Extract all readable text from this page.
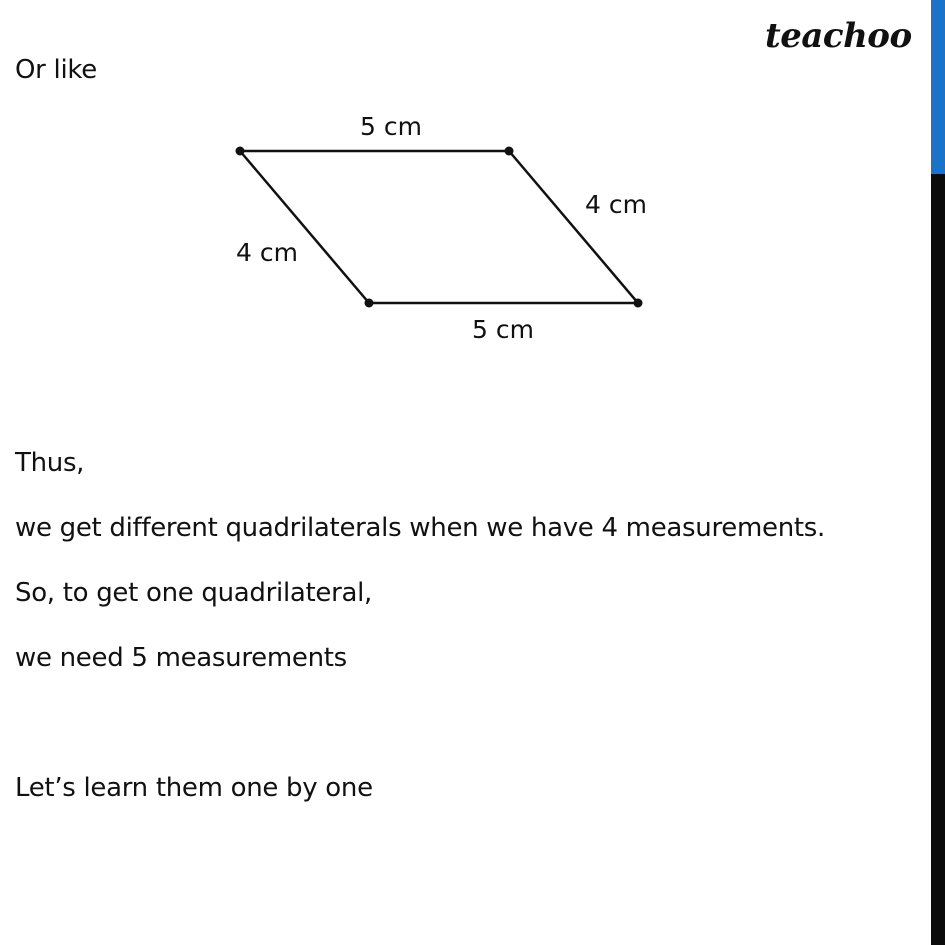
teachoo
Or like
5 cm
4 cm
4 cm
5 cm
Thus,
we get different quadrilaterals when we have 4 measurements.
So, to get one quadrilateral,
we need 5 measurements
Let’s learn them one by one
